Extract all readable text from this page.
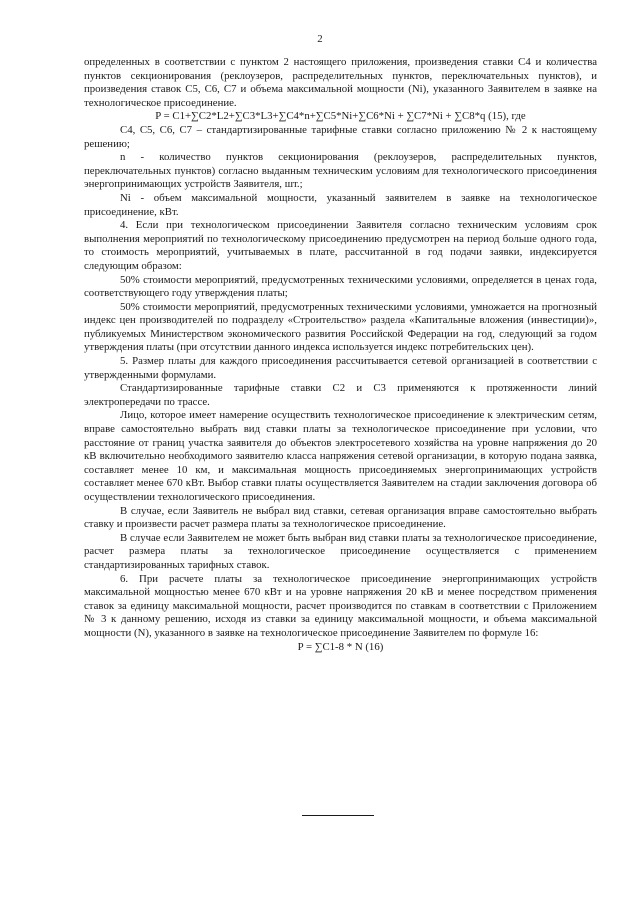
2

определенных в соответствии с пунктом 2 настоящего приложения, произведения ставки С4 и количества пунктов секционирования (реклоузеров, распределительных пунктов, переключательных пунктов), и произведения ставок С5, С6, С7 и объема максимальной мощности (Ni), указанного Заявителем в заявке на технологическое присоединение.

P = C1+∑C2*L2+∑C3*L3+∑C4*n+∑C5*Ni+∑C6*Ni + ∑C7*Ni + ∑C8*q (15), где

С4, С5, С6, С7 – стандартизированные тарифные ставки согласно приложению № 2 к настоящему решению;

n - количество пунктов секционирования (реклоузеров, распределительных пунктов, переключательных пунктов) согласно выданным техническим условиям для технологического присоединения энергопринимающих устройств Заявителя, шт.;

Ni - объем максимальной мощности, указанный заявителем в заявке на технологическое присоединение, кВт.

4. Если при технологическом присоединении Заявителя согласно техническим условиям срок выполнения мероприятий по технологическому присоединению предусмотрен на период больше одного года, то стоимость мероприятий, учитываемых в плате, рассчитанной в год подачи заявки, индексируется следующим образом:

50% стоимости мероприятий, предусмотренных техническими условиями, определяется в ценах года, соответствующего году утверждения платы;

50% стоимости мероприятий, предусмотренных техническими условиями, умножается на прогнозный индекс цен производителей по подразделу «Строительство» раздела «Капитальные вложения (инвестиции)», публикуемых Министерством экономического развития Российской Федерации на год, следующий за годом утверждения платы (при отсутствии данного индекса используется индекс потребительских цен).

5. Размер платы для каждого присоединения рассчитывается сетевой организацией в соответствии с утвержденными формулами.

Стандартизированные тарифные ставки С2 и С3 применяются к протяженности линий электропередачи по трассе.

Лицо, которое имеет намерение осуществить технологическое присоединение к электрическим сетям, вправе самостоятельно выбрать вид ставки платы за технологическое присоединение при условии, что расстояние от границ участка заявителя до объектов электросетевого хозяйства на уровне напряжения до 20 кВ включительно необходимого заявителю класса напряжения сетевой организации, в которую подана заявка, составляет менее 10 км, и максимальная мощность присоединяемых энергопринимающих устройств составляет менее 670 кВт. Выбор ставки платы осуществляется Заявителем на стадии заключения договора об осуществлении технологического присоединения.

В случае, если Заявитель не выбрал вид ставки, сетевая организация вправе самостоятельно выбрать ставку и произвести расчет размера платы за технологическое присоединение.

В случае если Заявителем не может быть выбран вид ставки платы за технологическое присоединение, расчет размера платы за технологическое присоединение осуществляется с применением стандартизированных тарифных ставок.

6. При расчете платы за технологическое присоединение энергопринимающих устройств максимальной мощностью менее 670 кВт и на уровне напряжения 20 кВ и менее посредством применения ставок за единицу максимальной мощности, расчет производится по ставкам в соответствии с Приложением № 3 к данному решению, исходя из ставки за единицу максимальной мощности, и объема максимальной мощности (N), указанного в заявке на технологическое присоединение Заявителем по формуле 16:

P = ∑C1-8 * N (16)
